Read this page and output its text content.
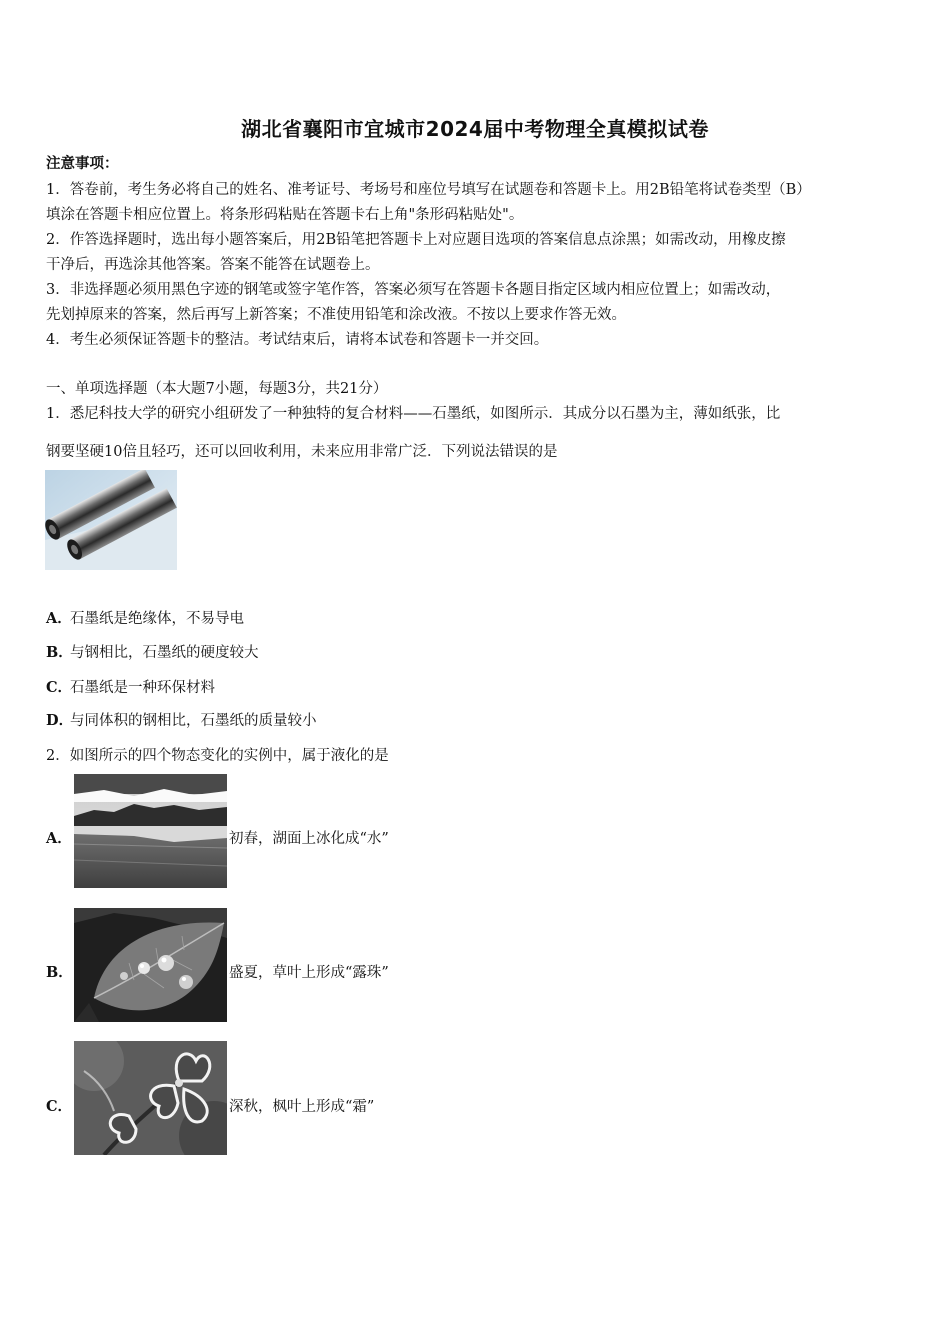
湖北省襄阳市宜城市2024届中考物理全真模拟试卷
注意事项：
1．答卷前，考生务必将自己的姓名、准考证号、考场号和座位号填写在试题卷和答题卡上。用2B铅笔将试卷类型（B）
填涂在答题卡相应位置上。将条形码粘贴在答题卡右上角"条形码粘贴处"。
2．作答选择题时，选出每小题答案后，用2B铅笔把答题卡上对应题目选项的答案信息点涂黑；如需改动，用橡皮擦
干净后，再选涂其他答案。答案不能答在试题卷上。
3．非选择题必须用黑色字迹的钢笔或签字笔作答，答案必须写在答题卡各题目指定区域内相应位置上；如需改动，
先划掉原来的答案，然后再写上新答案；不准使用铅笔和涂改液。不按以上要求作答无效。
4．考生必须保证答题卡的整洁。考试结束后，请将本试卷和答题卡一并交回。
一、单项选择题（本大题7小题，每题3分，共21分）
1．悉尼科技大学的研究小组研发了一种独特的复合材料——石墨纸，如图所示．其成分以石墨为主，薄如纸张，比
钢要坚硬10倍且轻巧，还可以回收利用，未来应用非常广泛．下列说法错误的是
A．石墨纸是绝缘体，不易导电
B．与钢相比，石墨纸的硬度较大
C．石墨纸是一种环保材料
D．与同体积的钢相比，石墨纸的质量较小
2．如图所示的四个物态变化的实例中，属于液化的是
A．	初春，湖面上冰化成“水”
B．	盛夏，草叶上形成“露珠”
C．	深秋，枫叶上形成“霜”
